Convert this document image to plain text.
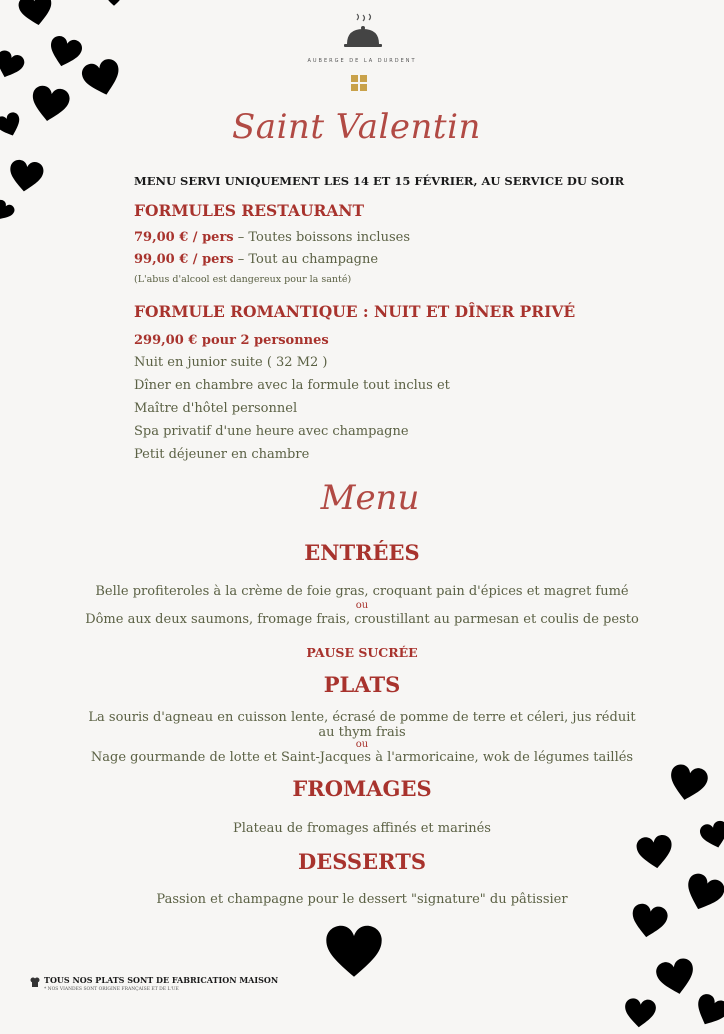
AUBERGE DE LA DURDENT
Saint Valentin
MENU SERVI UNIQUEMENT LES 14 ET 15 FÉVRIER, AU SERVICE DU SOIR
FORMULES RESTAURANT
79,00 € / pers – Toutes boissons incluses
99,00 € / pers – Tout au champagne
(L'abus d'alcool est dangereux pour la santé)
FORMULE ROMANTIQUE : NUIT ET DÎNER PRIVÉ
299,00 € pour 2 personnes
Nuit en junior suite ( 32 M2 )
Dîner en chambre avec la formule tout inclus et
Maître d'hôtel personnel
Spa privatif d'une heure avec champagne
Petit déjeuner en chambre
Menu
ENTRÉES
Belle profiteroles à la crème de foie gras, croquant pain d'épices et magret fumé
ou
Dôme aux deux saumons, fromage frais, croustillant au parmesan et coulis de pesto
PAUSE SUCRÉE
PLATS
La souris d'agneau en cuisson lente, écrasé de pomme de terre et céleri, jus réduit
au thym frais
ou
Nage gourmande de lotte et Saint-Jacques à l'armoricaine, wok de légumes taillés
FROMAGES
Plateau de fromages affinés et marinés
DESSERTS
Passion et champagne pour le dessert "signature" du pâtissier
TOUS NOS PLATS SONT DE FABRICATION MAISON
* NOS VIANDES SONT ORIGINE FRANÇAISE ET DE L'UE
